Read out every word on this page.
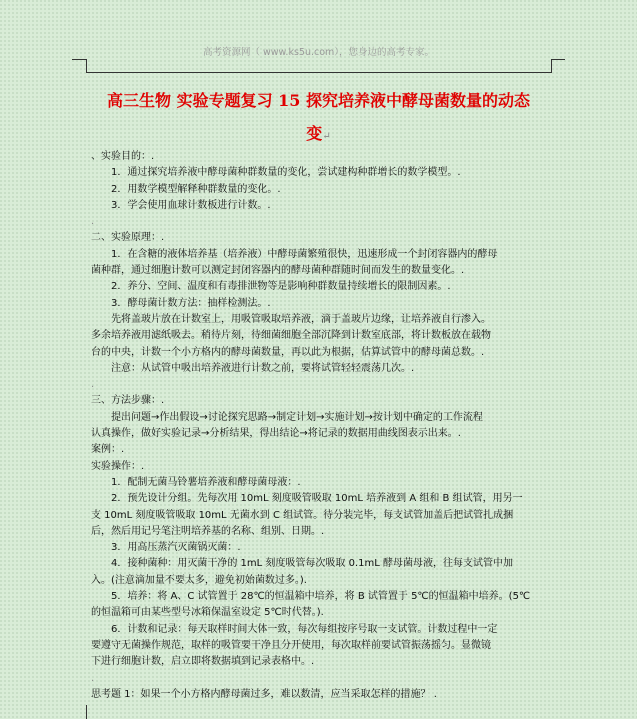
高考资源网（ www.ks5u.com），您身边的高考专家。
高三生物 实验专题复习 15 探究培养液中酵母菌数量的动态
变↵

、实验目的：.

1．通过探究培养液中酵母菌种群数量的变化，尝试建构种群增长的数学模型。.

2．用数学模型解释种群数量的变化。.

3．学会使用血球计数板进行计数。.

.

二、实验原理：.

1．在含糖的液体培养基（培养液）中酵母菌繁殖很快，迅速形成一个封闭容器内的酵母

菌种群，通过细胞计数可以测定封闭容器内的酵母菌种群随时间而发生的数量变化。.

2．养分、空间、温度和有毒排泄物等是影响种群数量持续增长的限制因素。.

3．酵母菌计数方法：抽样检测法。.

先将盖玻片放在计数室上，用吸管吸取培养液，滴于盖玻片边缘，让培养液自行渗入。

多余培养液用滤纸吸去。稍待片刻，待细菌细胞全部沉降到计数室底部，将计数板放在载物

台的中央，计数一个小方格内的酵母菌数量，再以此为根据，估算试管中的酵母菌总数。.

注意：从试管中吸出培养液进行计数之前，要将试管轻轻震荡几次。.

.

三、方法步骤：.

提出问题→作出假设→讨论探究思路→制定计划→实施计划→按计划中确定的工作流程

认真操作，做好实验记录→分析结果，得出结论→将记录的数据用曲线图表示出来。.

案例：.

实验操作：.

1．配制无菌马铃薯培养液和酵母菌母液：.

2．预先设计分组。先每次用 10mL 刻度吸管吸取 10mL 培养液到 A 组和 B 组试管，用另一

支 10mL 刻度吸管吸取 10mL 无菌水到 C 组试管。待分装完毕，每支试管加盖后把试管扎成捆

后，然后用记号笔注明培养基的名称、组别、日期。.

3．用高压蒸汽灭菌锅灭菌：.

4．接种菌种：用灭菌干净的 1mL 刻度吸管每次吸取 0.1mL 酵母菌母液，往每支试管中加

入。(注意滴加量不要太多，避免初始菌数过多。).

5．培养：将 A、C 试管置于 28℃的恒温箱中培养，将 B 试管置于 5℃的恒温箱中培养。(5℃

的恒温箱可由某些型号冰箱保温室设定 5℃时代替。).

6．计数和记录：每天取样时间大体一致，每次每组按序号取一支试管。计数过程中一定

要遵守无菌操作规范，取样的吸管要干净且分开使用，每次取样前要试管振荡摇匀。显微镜

下进行细胞计数，启立即将数据填到记录表格中。.

.

思考题 1：如果一个小方格内酵母菌过多，难以数清，应当采取怎样的措施？ .
